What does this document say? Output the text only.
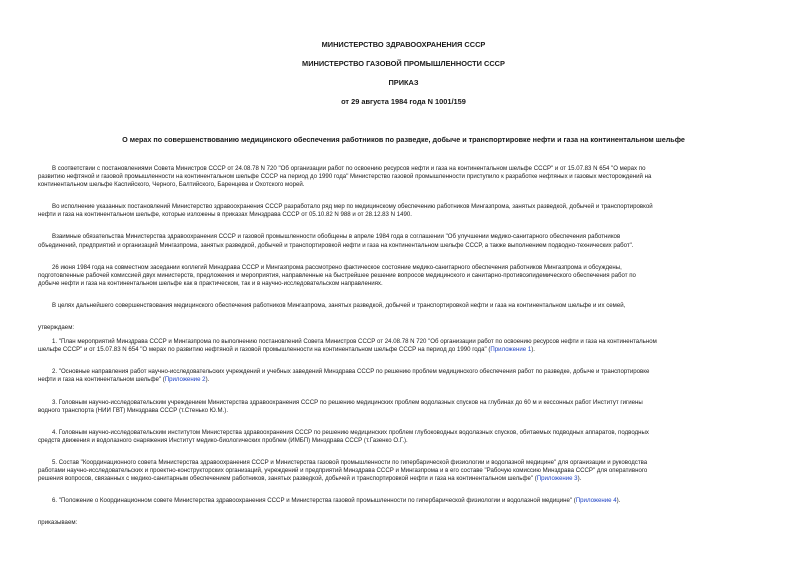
МИНИСТЕРСТВО ЗДРАВООХРАНЕНИЯ СССР
МИНИСТЕРСТВО ГАЗОВОЙ ПРОМЫШЛЕННОСТИ СССР
ПРИКАЗ
от 29 августа 1984 года N 1001/159
О мерах по совершенствованию медицинского обеспечения работников по разведке, добыче и транспортировке нефти и газа на континентальном шельфе
В соответствии с постановлениями Совета Министров СССР от 24.08.78 N 720 "Об организации работ по освоению ресурсов нефти и газа на континентальном шельфе СССР" и от 15.07.83 N 654 "О мерах по
развитию нефтяной и газовой промышленности на континентальном шельфе СССР на период до 1990 года" Министерство газовой промышленности приступило к разработке нефтяных и газовых месторождений на
континентальном шельфе Каспийского, Черного, Балтийского, Баренцева и Охотского морей.
Во исполнение указанных постановлений Министерство здравоохранения СССР разработало ряд мер по медицинскому обеспечению работников Мингазпрома, занятых разведкой, добычей и транспортировкой
нефти и газа на континентальном шельфе, которые изложены в приказах Минздрава СССР от 05.10.82 N 988 и от 28.12.83 N 1490.
Взаимные обязательства Министерства здравоохранения СССР и газовой промышленности обобщены в апреле 1984 года в соглашении "Об улучшении медико-санитарного обеспечения работников
объединений, предприятий и организаций Мингазпрома, занятых разведкой, добычей и транспортировкой нефти и газа на континентальном шельфе СССР, а также выполнением подводно-технических работ".
26 июня 1984 года на совместном заседании коллегий Минздрава СССР и Мингазпрома рассмотрено фактическое состояние медико-санитарного обеспечения работников Мингазпрома и обсуждены,
подготовленные рабочей комиссией двух министерств, предложения и мероприятия, направленные на быстрейшее решение вопросов медицинского и санитарно-противоэпидемического обеспечения работ по
добыче нефти и газа на континентальном шельфе как в практическом, так и в научно-исследовательском направлениях.
В целях дальнейшего совершенствования медицинского обеспечения работников Мингазпрома, занятых разведкой, добычей и транспортировкой нефти и газа на континентальном шельфе и их семей,
утверждаем:
1. "План мероприятий Минздрава СССР и Мингазпрома по выполнению постановлений Совета Министров СССР от 24.08.78 N 720 "Об организации работ по освоению ресурсов нефти и газа на континентальном
шельфе СССР" и от 15.07.83 N 654 "О мерах по развитию нефтяной и газовой промышленности на континентальном шельфе СССР на период до 1990 года" (Приложение 1).
2. "Основные направления работ научно-исследовательских учреждений и учебных заведений Минздрава СССР по решению проблем медицинского обеспечения работ по разведке, добыче и транспортировке
нефти и газа на континентальном шельфе" (Приложение 2).
3. Головным научно-исследовательским учреждением Министерства здравоохранения СССР по решению медицинских проблем водолазных спусков на глубинах до 60 м и кессонных работ Институт гигиены
водного транспорта (НИИ ГВТ) Минздрава СССР (т.Стенько Ю.М.).
4. Головным научно-исследовательским институтом Министерства здравоохранения СССР по решению медицинских проблем глубоководных водолазных спусков, обитаемых подводных аппаратов, подводных
средств движения и водолазного снаряжения Институт медико-биологических проблем (ИМБП) Минздрава СССР (т.Газенко О.Г.).
5. Состав "Координационного совета Министерства здравоохранения СССР и Министерства газовой промышленности по гипербарической физиологии и водолазной медицине" для организации и руководства
работами научно-исследовательских и проектно-конструкторских организаций, учреждений и предприятий Минздрава СССР и Мингазпрома и в его составе "Рабочую комиссию Минздрава СССР" для оперативного
решения вопросов, связанных с медико-санитарным обеспечением работников, занятых разведкой, добычей и транспортировкой нефти и газа на континентальном шельфе" (Приложение 3).
6. "Положение о Координационном совете Министерства здравоохранения СССР и Министерства газовой промышленности по гипербарической физиологии и водолазной медицине" (Приложение 4).
приказываем:
